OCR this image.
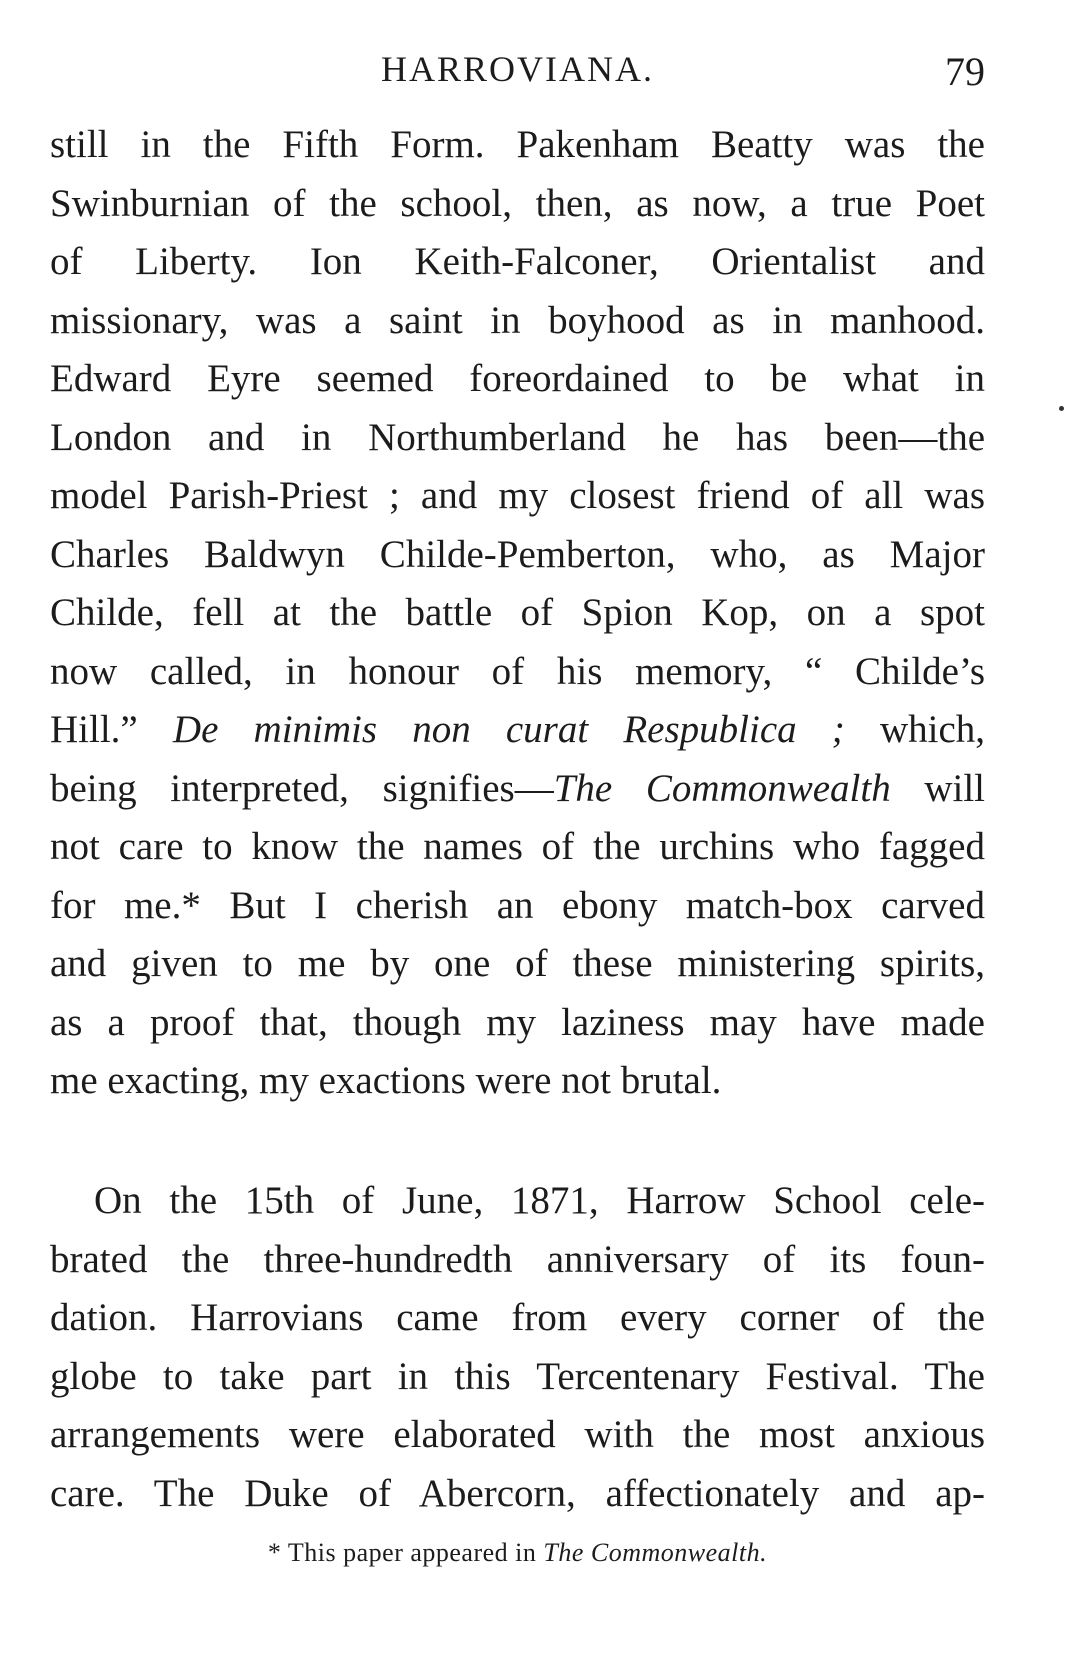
HARROVIANA.	79
still in the Fifth Form. Pakenham Beatty was the
Swinburnian of the school, then, as now, a true Poet
of Liberty. Ion Keith-Falconer, Orientalist and
missionary, was a saint in boyhood as in manhood.
Edward Eyre seemed foreordained to be what in
London and in Northumberland he has been—the
model Parish-Priest ; and my closest friend of all was
Charles Baldwyn Childe-Pemberton, who, as Major
Childe, fell at the battle of Spion Kop, on a spot
now called, in honour of his memory, “ Childe’s
Hill.” De minimis non curat Respublica ; which,
being interpreted, signifies—The Commonwealth will
not care to know the names of the urchins who fagged
for me.* But I cherish an ebony match-box carved
and given to me by one of these ministering spirits,
as a proof that, though my laziness may have made
me exacting, my exactions were not brutal.
On the 15th of June, 1871, Harrow School cele-
brated the three-hundredth anniversary of its foun-
dation. Harrovians came from every corner of the
globe to take part in this Tercentenary Festival. The
arrangements were elaborated with the most anxious
care. The Duke of Abercorn, affectionately and ap-
* This paper appeared in The Commonwealth.
